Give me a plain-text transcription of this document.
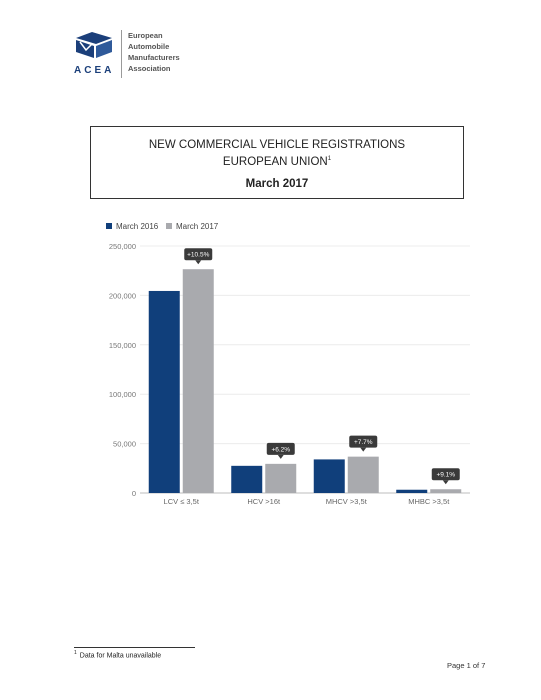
ACEA
European
Automobile
Manufacturers
Association
NEW COMMERCIAL VEHICLE REGISTRATIONS
EUROPEAN UNION$^1$
March 2017
0
50,000
100,000
150,000
200,000
250,000
March 2016 March 2017
LCV ≤ 3,5t
+10.5%
HCV >16t
+6.2%
MHCV >3,5t
+7.7%
MHBC >3,5t
+9.1%
$^1$ Data for Malta unavailable
Page 1 of 7
